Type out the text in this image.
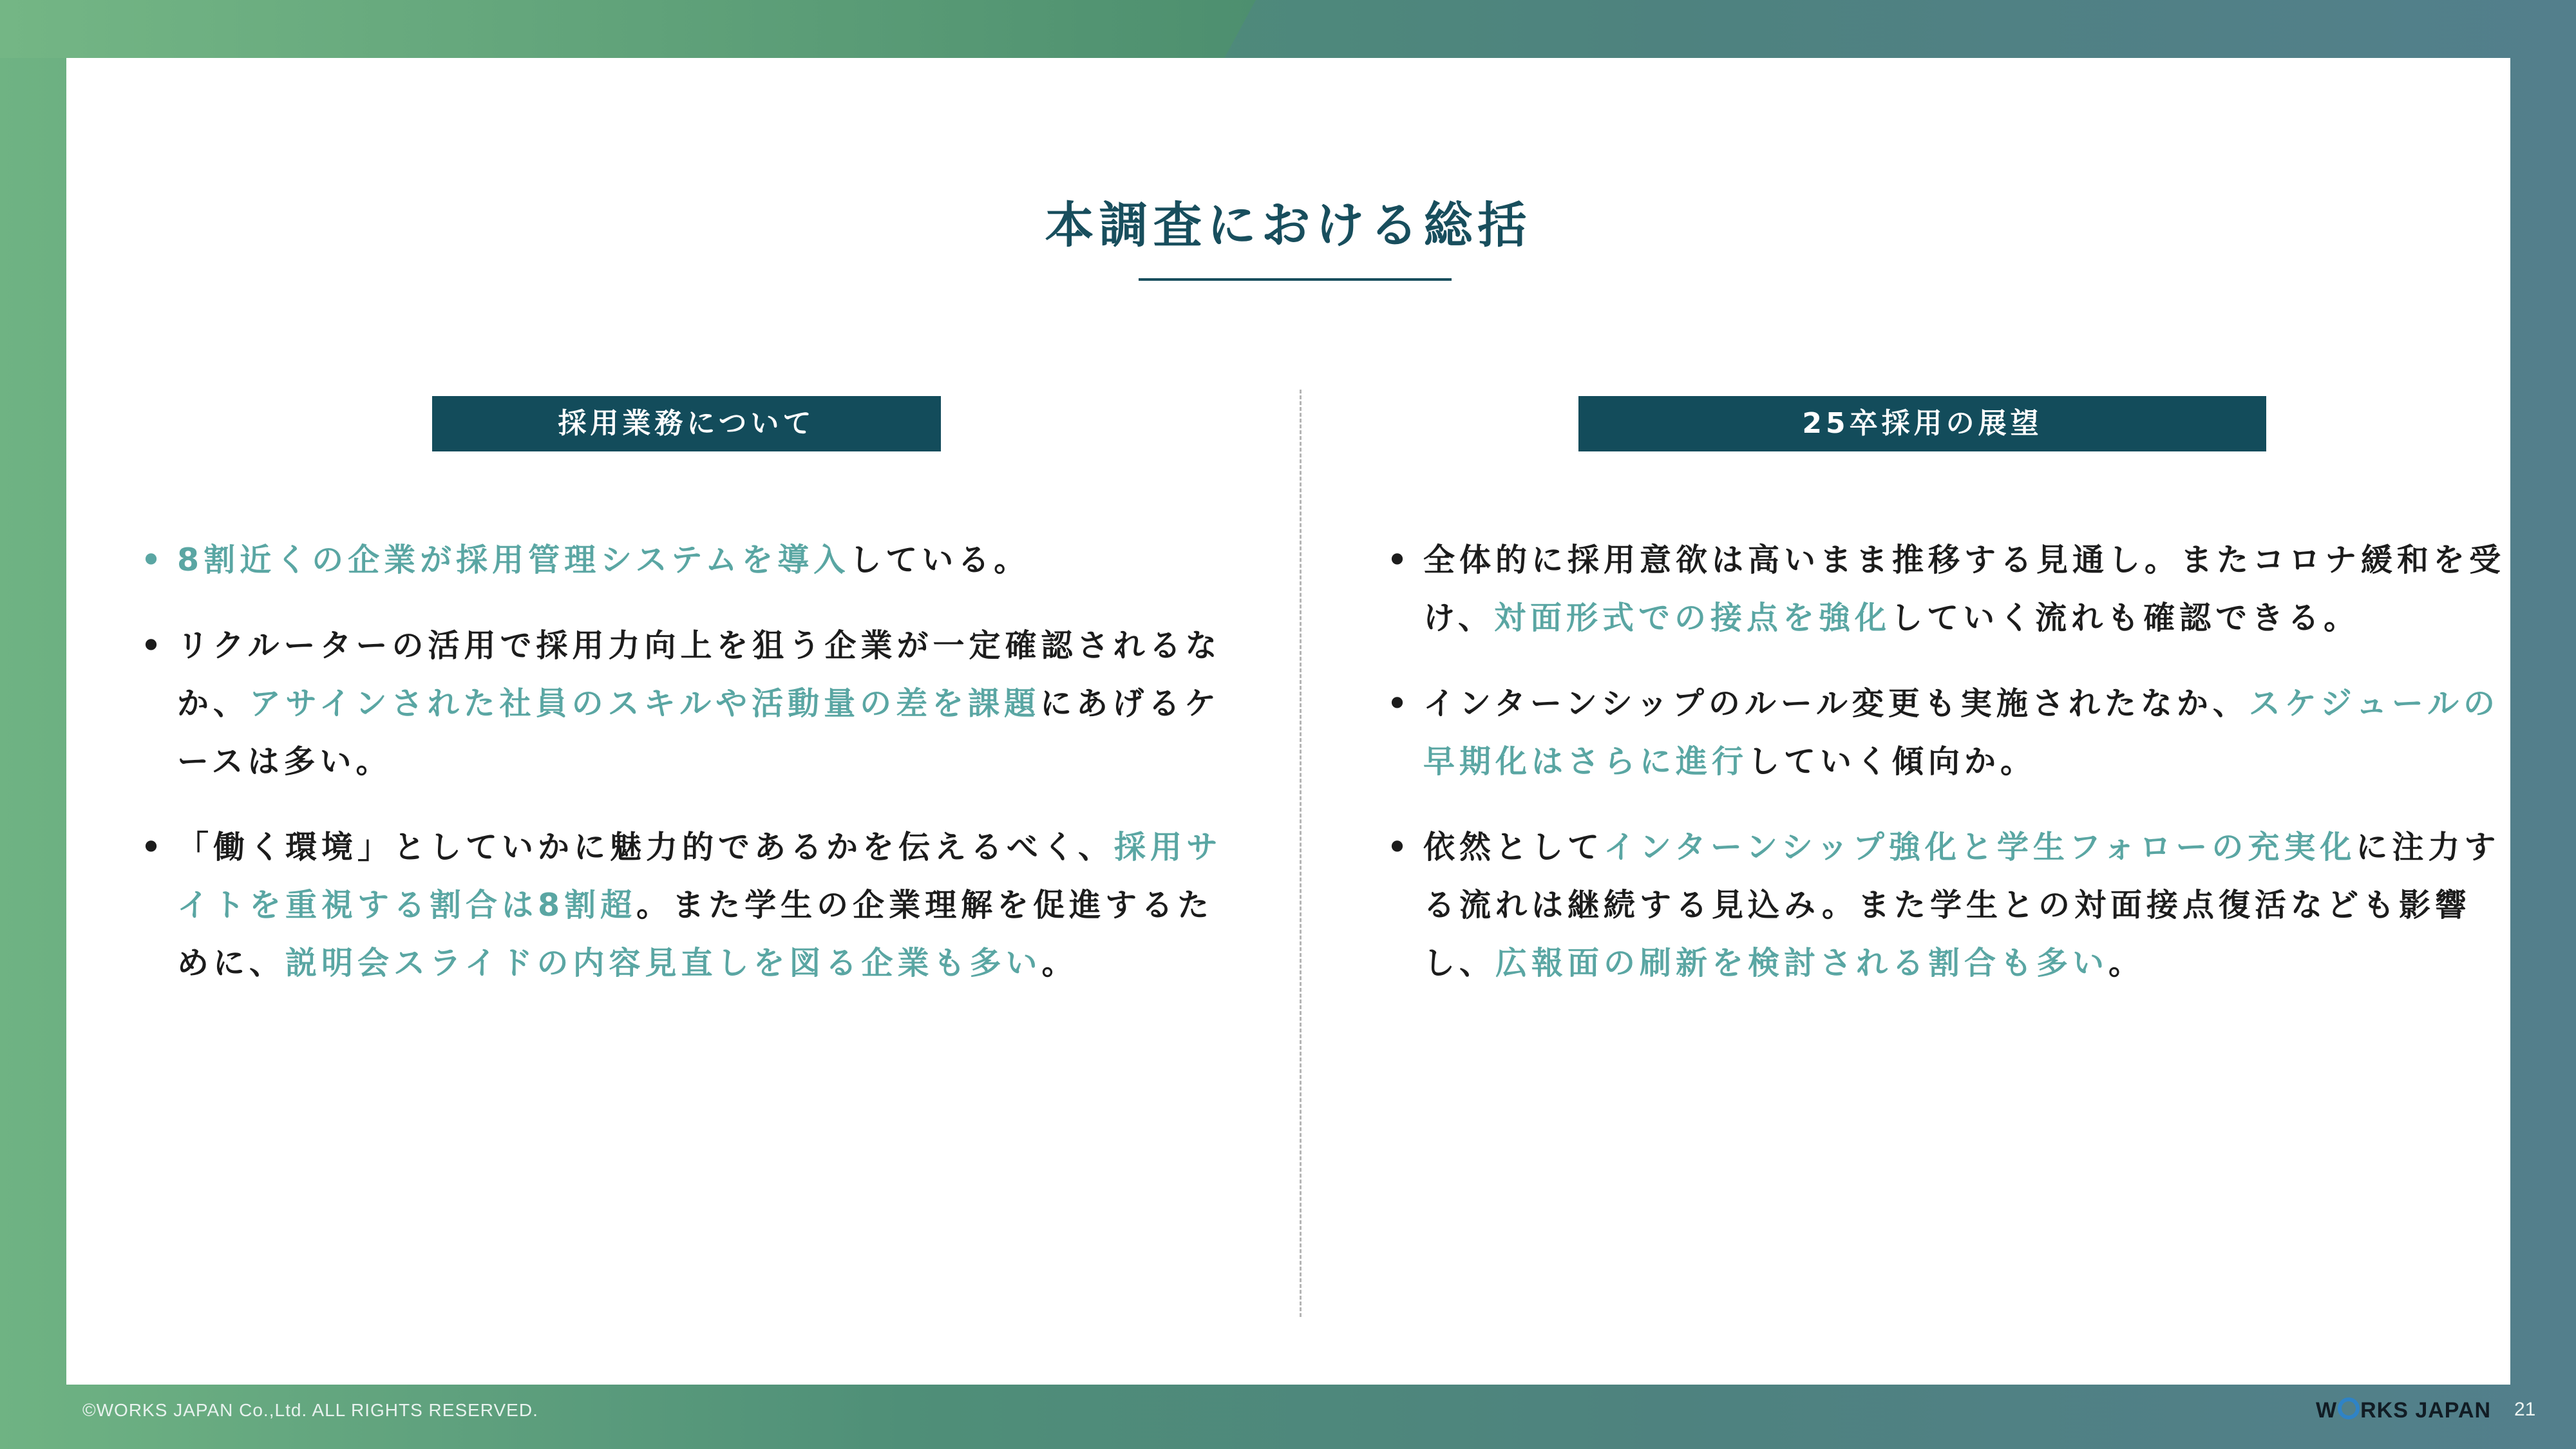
本調査における総括
採用業務について	25卒採用の展望
• 8割近くの企業が採用管理システムを導入している。
• リクルーターの活用で採用力向上を狙う企業が一定確認されるなか、アサインされた社員のスキルや活動量の差を課題にあげるケースは多い。
• 「働く環境」としていかに魅力的であるかを伝えるべく、採用サイトを重視する割合は8割超。また学生の企業理解を促進するために、説明会スライドの内容見直しを図る企業も多い。
• 全体的に採用意欲は高いまま推移する見通し。またコロナ緩和を受け、対面形式での接点を強化していく流れも確認できる。
• インターンシップのルール変更も実施されたなか、スケジュールの早期化はさらに進行していく傾向か。
• 依然としてインターンシップ強化と学生フォローの充実化に注力する流れは継続する見込み。また学生との対面接点復活なども影響し、広報面の刷新を検討される割合も多い。
©WORKS JAPAN Co.,Ltd. ALL RIGHTS RESERVED.	W RKS JAPAN 21
